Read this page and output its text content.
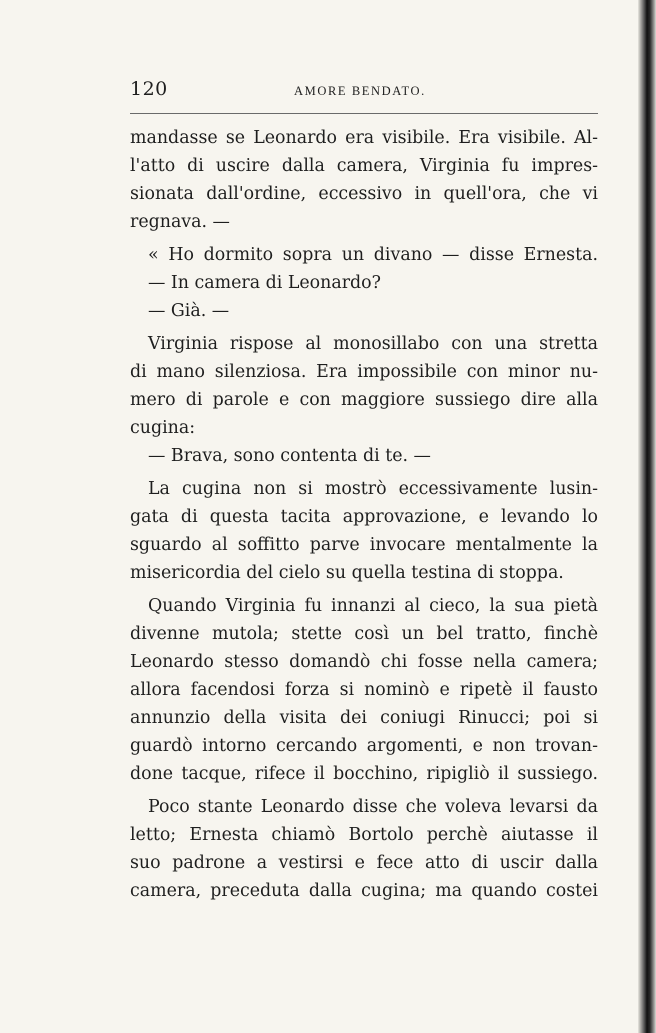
120	AMORE BENDATO.
mandasse se Leonardo era visibile. Era visibile. Al-
l'atto di uscire dalla camera, Virginia fu impres-
sionata dall'ordine, eccessivo in quell'ora, che vi
regnava. —
« Ho dormito sopra un divano — disse Ernesta.
— In camera di Leonardo?
— Già. —
Virginia rispose al monosillabo con una stretta
di mano silenziosa. Era impossibile con minor nu-
mero di parole e con maggiore sussiego dire alla
cugina:
— Brava, sono contenta di te. —
La cugina non si mostrò eccessivamente lusin-
gata di questa tacita approvazione, e levando lo
sguardo al soffitto parve invocare mentalmente la
misericordia del cielo su quella testina di stoppa.
Quando Virginia fu innanzi al cieco, la sua pietà
divenne mutola; stette così un bel tratto, finchè
Leonardo stesso domandò chi fosse nella camera;
allora facendosi forza si nominò e ripetè il fausto
annunzio della visita dei coniugi Rinucci; poi si
guardò intorno cercando argomenti, e non trovan-
done tacque, rifece il bocchino, ripigliò il sussiego.
Poco stante Leonardo disse che voleva levarsi da
letto; Ernesta chiamò Bortolo perchè aiutasse il
suo padrone a vestirsi e fece atto di uscir dalla
camera, preceduta dalla cugina; ma quando costei
